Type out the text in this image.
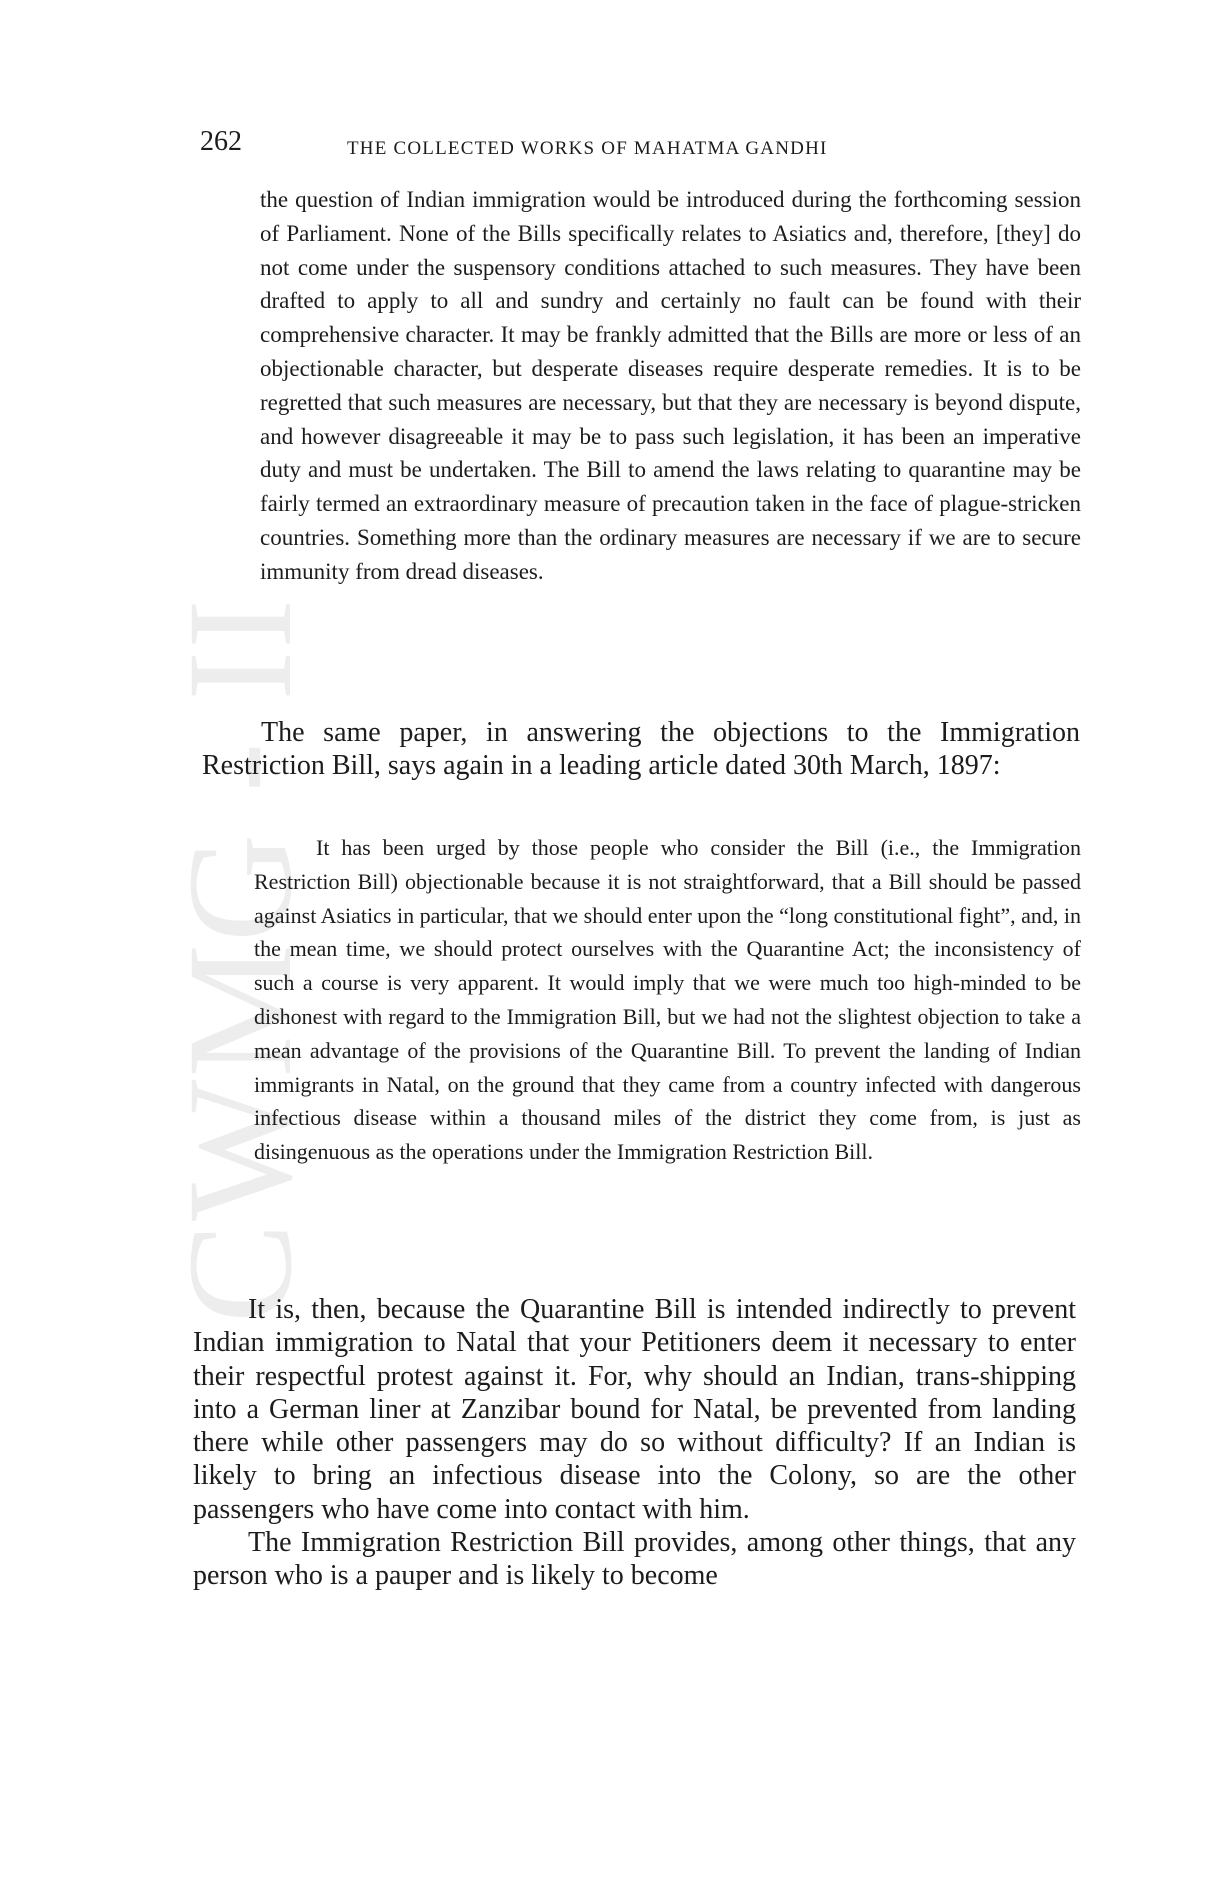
CWMG - II
262	THE COLLECTED WORKS OF MAHATMA GANDHI

the question of Indian immigration would be introduced during the forthcoming session of Parliament. None of the Bills specifically relates to Asiatics and, therefore, [they] do not come under the suspensory conditions attached to such measures. They have been drafted to apply to all and sundry and certainly no fault can be found with their comprehensive character. It may be frankly admitted that the Bills are more or less of an objectionable character, but desperate diseases require desperate remedies. It is to be regretted that such measures are necessary, but that they are necessary is beyond dispute, and however disagreeable it may be to pass such legislation, it has been an imperative duty and must be undertaken. The Bill to amend the laws relating to quarantine may be fairly termed an extraordinary measure of precaution taken in the face of plague-stricken countries. Something more than the ordinary measures are necessary if we are to secure immunity from dread diseases.

The same paper, in answering the objections to the Immigration Restriction Bill, says again in a leading article dated 30th March, 1897:

It has been urged by those people who consider the Bill (i.e., the Immigration Restriction Bill) objectionable because it is not straightforward, that a Bill should be passed against Asiatics in particular, that we should enter upon the “long constitutional fight”, and, in the mean time, we should protect ourselves with the Quarantine Act; the inconsistency of such a course is very apparent. It would imply that we were much too high-minded to be dishonest with regard to the Immigration Bill, but we had not the slightest objection to take a mean advantage of the provisions of the Quarantine Bill. To prevent the landing of Indian immigrants in Natal, on the ground that they came from a country infected with dangerous infectious disease within a thousand miles of the district they come from, is just as disingenuous as the operations under the Immigration Restriction Bill.

It is, then, because the Quarantine Bill is intended indirectly to prevent Indian immigration to Natal that your Petitioners deem it necessary to enter their respectful protest against it. For, why should an Indian, trans-shipping into a German liner at Zanzibar bound for Natal, be prevented from landing there while other passengers may do so without difficulty? If an Indian is likely to bring an infectious disease into the Colony, so are the other passengers who have come into contact with him.

The Immigration Restriction Bill provides, among other things, that any person who is a pauper and is likely to become
